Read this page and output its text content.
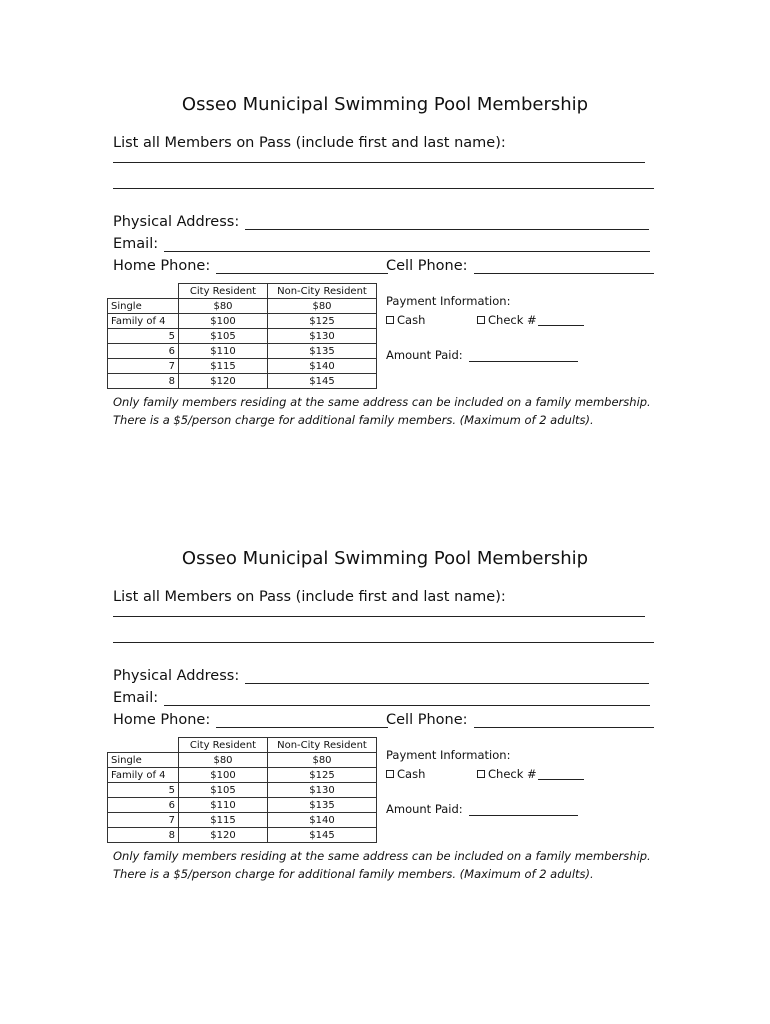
Osseo Municipal Swimming Pool Membership
List all Members on Pass (include first and last name):
Physical Address:
Email:
Home Phone:	Cell Phone:
	City Resident	Non-City Resident
Single	$80	$80
Family of 4	$100	$125
5	$105	$130
6	$110	$135
7	$115	$140
8	$120	$145
Payment Information:
Cash	Check #
Amount Paid:
Only family members residing at the same address can be included on a family membership.
There is a $5/person charge for additional family members. (Maximum of 2 adults).
Osseo Municipal Swimming Pool Membership
List all Members on Pass (include first and last name):
Physical Address:
Email:
Home Phone:	Cell Phone:
	City Resident	Non-City Resident
Single	$80	$80
Family of 4	$100	$125
5	$105	$130
6	$110	$135
7	$115	$140
8	$120	$145
Payment Information:
Cash	Check #
Amount Paid:
Only family members residing at the same address can be included on a family membership.
There is a $5/person charge for additional family members. (Maximum of 2 adults).
